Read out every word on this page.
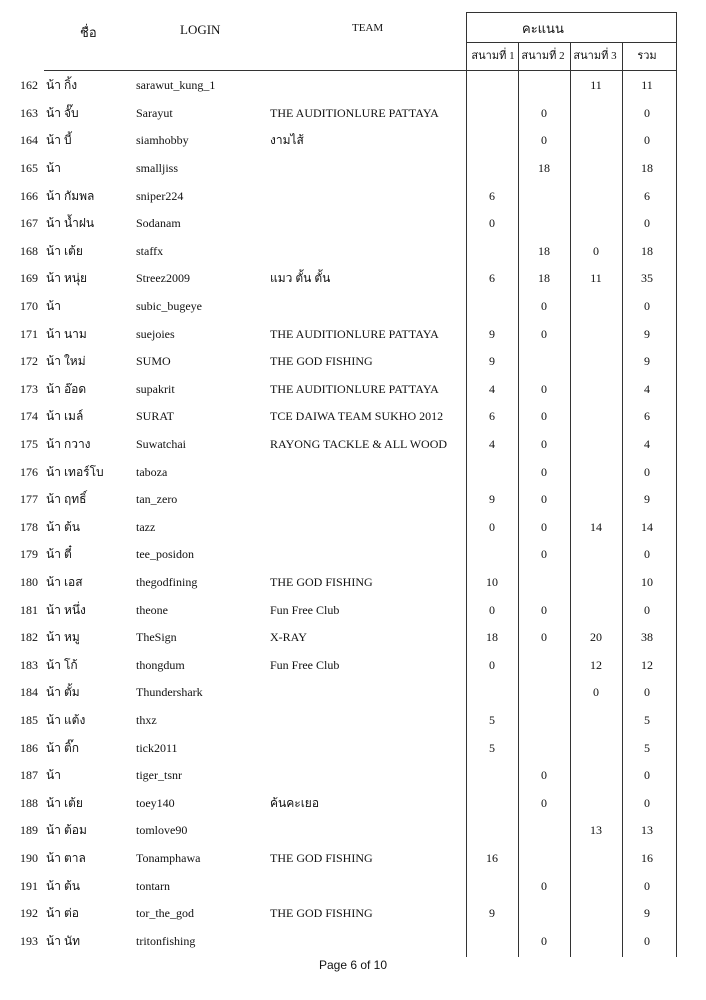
ชื่อ	LOGIN	TEAM	คะแนน
สนามที่ 1 สนามที่ 2 สนามที่ 3	รวม
162	น้า กิ้ง	sarawut_kung_1				11	11
163	น้า จั๊บ	Sarayut	THE AUDITIONLURE PATTAYA		0		0
164	น้า บี้	siamhobby	งามไส้		0		0
165	น้า	smalljiss			18		18
166	น้า กัมพล	sniper224		6			6
167	น้า น้ำฝน	Sodanam		0			0
168	น้า เต้ย	staffx			18	0	18
169	น้า หนุ่ย	Streez2009	แมว ตั้น ตั้น	6	18	11	35
170	น้า	subic_bugeye			0		0
171	น้า นาม	suejoies	THE AUDITIONLURE PATTAYA	9	0		9
172	น้า ใหม่	SUMO	THE GOD FISHING	9			9
173	น้า อ๊อด	supakrit	THE AUDITIONLURE PATTAYA	4	0		4
174	น้า เมล์	SURAT	TCE DAIWA TEAM SUKHO 2012	6	0		6
175	น้า กวาง	Suwatchai	RAYONG TACKLE & ALL WOOD	4	0		4
176	น้า เทอร์โบ	taboza			0		0
177	น้า ฤทธิ์	tan_zero		9	0		9
178	น้า ต้น	tazz		0	0	14	14
179	น้า ตี๋	tee_posidon			0		0
180	น้า เอส	thegodfining	THE GOD FISHING	10			10
181	น้า หนึ่ง	theone	Fun Free Club	0	0		0
182	น้า หมู	TheSign	X-RAY	18	0	20	38
183	น้า โก้	thongdum	Fun Free Club	0		12	12
184	น้า ตั้ม	Thundershark				0	0
185	น้า แต้ง	thxz		5			5
186	น้า ติ๊ก	tick2011		5			5
187	น้า	tiger_tsnr			0		0
188	น้า เต้ย	toey140	ค้นคะเยอ		0		0
189	น้า ต้อม	tomlove90				13	13
190	น้า ตาล	Tonamphawa	THE GOD FISHING	16			16
191	น้า ต้น	tontarn			0		0
192	น้า ต่อ	tor_the_god	THE GOD FISHING	9			9
193	น้า นัท	tritonfishing			0		0
Page 6 of 10
